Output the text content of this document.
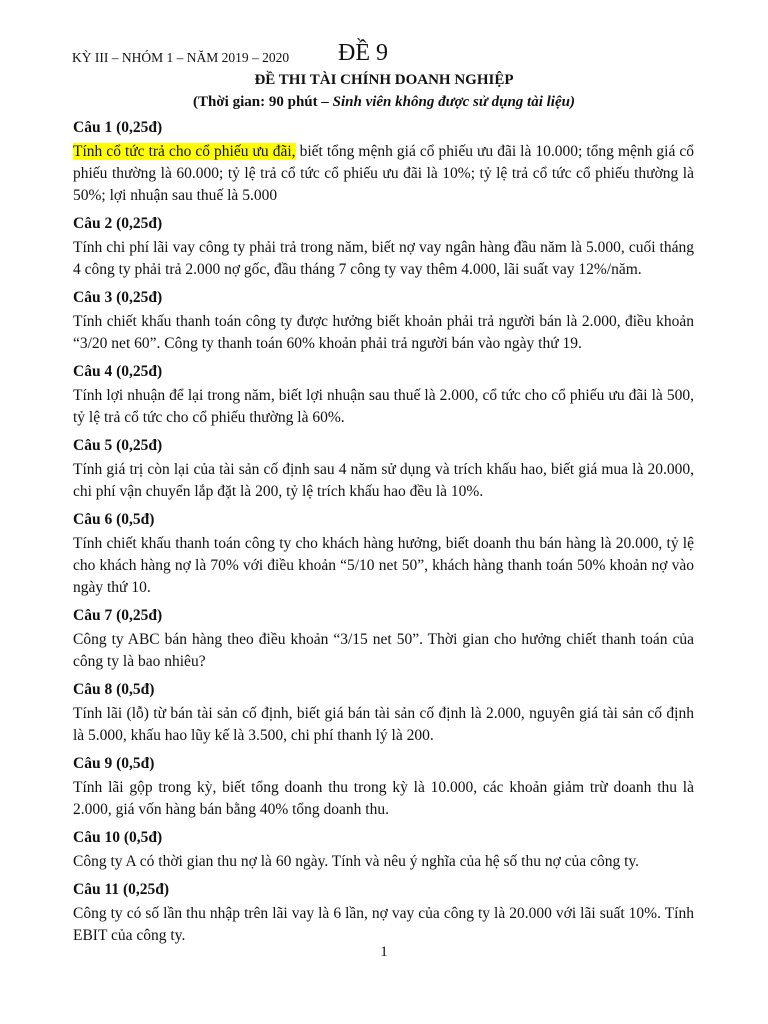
KỲ III – NHÓM 1 – NĂM 2019 – 2020 ĐỀ 9
ĐỀ THI TÀI CHÍNH DOANH NGHIỆP
(Thời gian: 90 phút – Sinh viên không được sử dụng tài liệu)
Câu 1 (0,25đ)
Tính cổ tức trả cho cổ phiếu ưu đãi, biết tổng mệnh giá cổ phiếu ưu đãi là 10.000; tổng mệnh giá cổ phiếu thường là 60.000; tỷ lệ trả cổ tức cổ phiếu ưu đãi là 10%; tỷ lệ trả cổ tức cổ phiếu thường là 50%; lợi nhuận sau thuế là 5.000
Câu 2 (0,25đ)
Tính chi phí lãi vay công ty phải trả trong năm, biết nợ vay ngân hàng đầu năm là 5.000, cuối tháng 4 công ty phải trả 2.000 nợ gốc, đầu tháng 7 công ty vay thêm 4.000, lãi suất vay 12%/năm.
Câu 3 (0,25đ)
Tính chiết khấu thanh toán công ty được hưởng biết khoản phải trả người bán là 2.000, điều khoản “3/20 net 60”. Công ty thanh toán 60% khoản phải trả người bán vào ngày thứ 19.
Câu 4 (0,25đ)
Tính lợi nhuận để lại trong năm, biết lợi nhuận sau thuế là 2.000, cổ tức cho cổ phiếu ưu đãi là 500, tỷ lệ trả cổ tức cho cổ phiếu thường là 60%.
Câu 5 (0,25đ)
Tính giá trị còn lại của tài sản cố định sau 4 năm sử dụng và trích khấu hao, biết giá mua là 20.000, chi phí vận chuyển lắp đặt là 200, tỷ lệ trích khấu hao đều là 10%.
Câu 6 (0,5đ)
Tính chiết khấu thanh toán công ty cho khách hàng hưởng, biết doanh thu bán hàng là 20.000, tỷ lệ cho khách hàng nợ là 70% với điều khoản “5/10 net 50”, khách hàng thanh toán 50% khoản nợ vào ngày thứ 10.
Câu 7 (0,25đ)
Công ty ABC bán hàng theo điều khoản “3/15 net 50”. Thời gian cho hưởng chiết thanh toán của công ty là bao nhiêu?
Câu 8 (0,5đ)
Tính lãi (lỗ) từ bán tài sản cố định, biết giá bán tài sản cố định là 2.000, nguyên giá tài sản cố định là 5.000, khấu hao lũy kế là 3.500, chi phí thanh lý là 200.
Câu 9 (0,5đ)
Tính lãi gộp trong kỳ, biết tổng doanh thu trong kỳ là 10.000, các khoản giảm trừ doanh thu là 2.000, giá vốn hàng bán bằng 40% tổng doanh thu.
Câu 10 (0,5đ)
Công ty A có thời gian thu nợ là 60 ngày. Tính và nêu ý nghĩa của hệ số thu nợ của công ty.
Câu 11 (0,25đ)
Công ty có số lần thu nhập trên lãi vay là 6 lần, nợ vay của công ty là 20.000 với lãi suất 10%. Tính EBIT của công ty.
1
